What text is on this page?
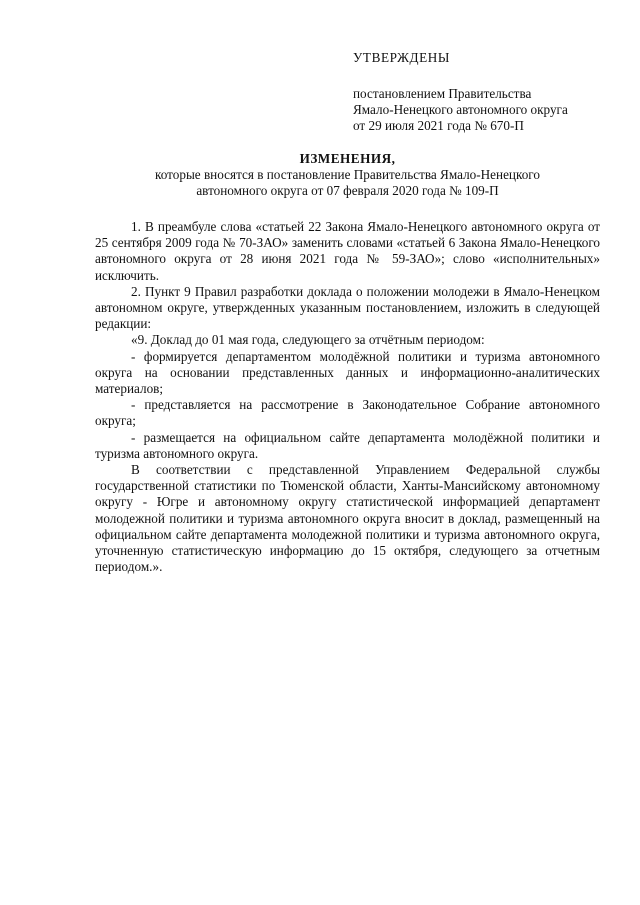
УТВЕРЖДЕНЫ
постановлением Правительства
Ямало-Ненецкого автономного округа
от 29 июля 2021 года № 670-П
ИЗМЕНЕНИЯ,
которые вносятся в постановление Правительства Ямало-Ненецкого
автономного округа от 07 февраля 2020 года № 109-П

1. В преамбуле слова «статьей 22 Закона Ямало-Ненецкого автономного округа от 25 сентября 2009 года № 70-ЗАО» заменить словами «статьей 6 Закона Ямало-Ненецкого автономного округа от 28 июня 2021 года № 59-ЗАО»; слово «исполнительных» исключить.

2. Пункт 9 Правил разработки доклада о положении молодежи в Ямало-Ненецком автономном округе, утвержденных указанным постановлением, изложить в следующей редакции:

«9. Доклад до 01 мая года, следующего за отчётным периодом:

- формируется департаментом молодёжной политики и туризма автономного округа на основании представленных данных и информационно-аналитических материалов;

- представляется на рассмотрение в Законодательное Собрание автономного округа;

- размещается на официальном сайте департамента молодёжной политики и туризма автономного округа.

В соответствии с представленной Управлением Федеральной службы государственной статистики по Тюменской области, Ханты-Мансийскому автономному округу - Югре и автономному округу статистической информацией департамент молодежной политики и туризма автономного округа вносит в доклад, размещенный на официальном сайте департамента молодежной политики и туризма автономного округа, уточненную статистическую информацию до 15 октября, следующего за отчетным периодом.».
